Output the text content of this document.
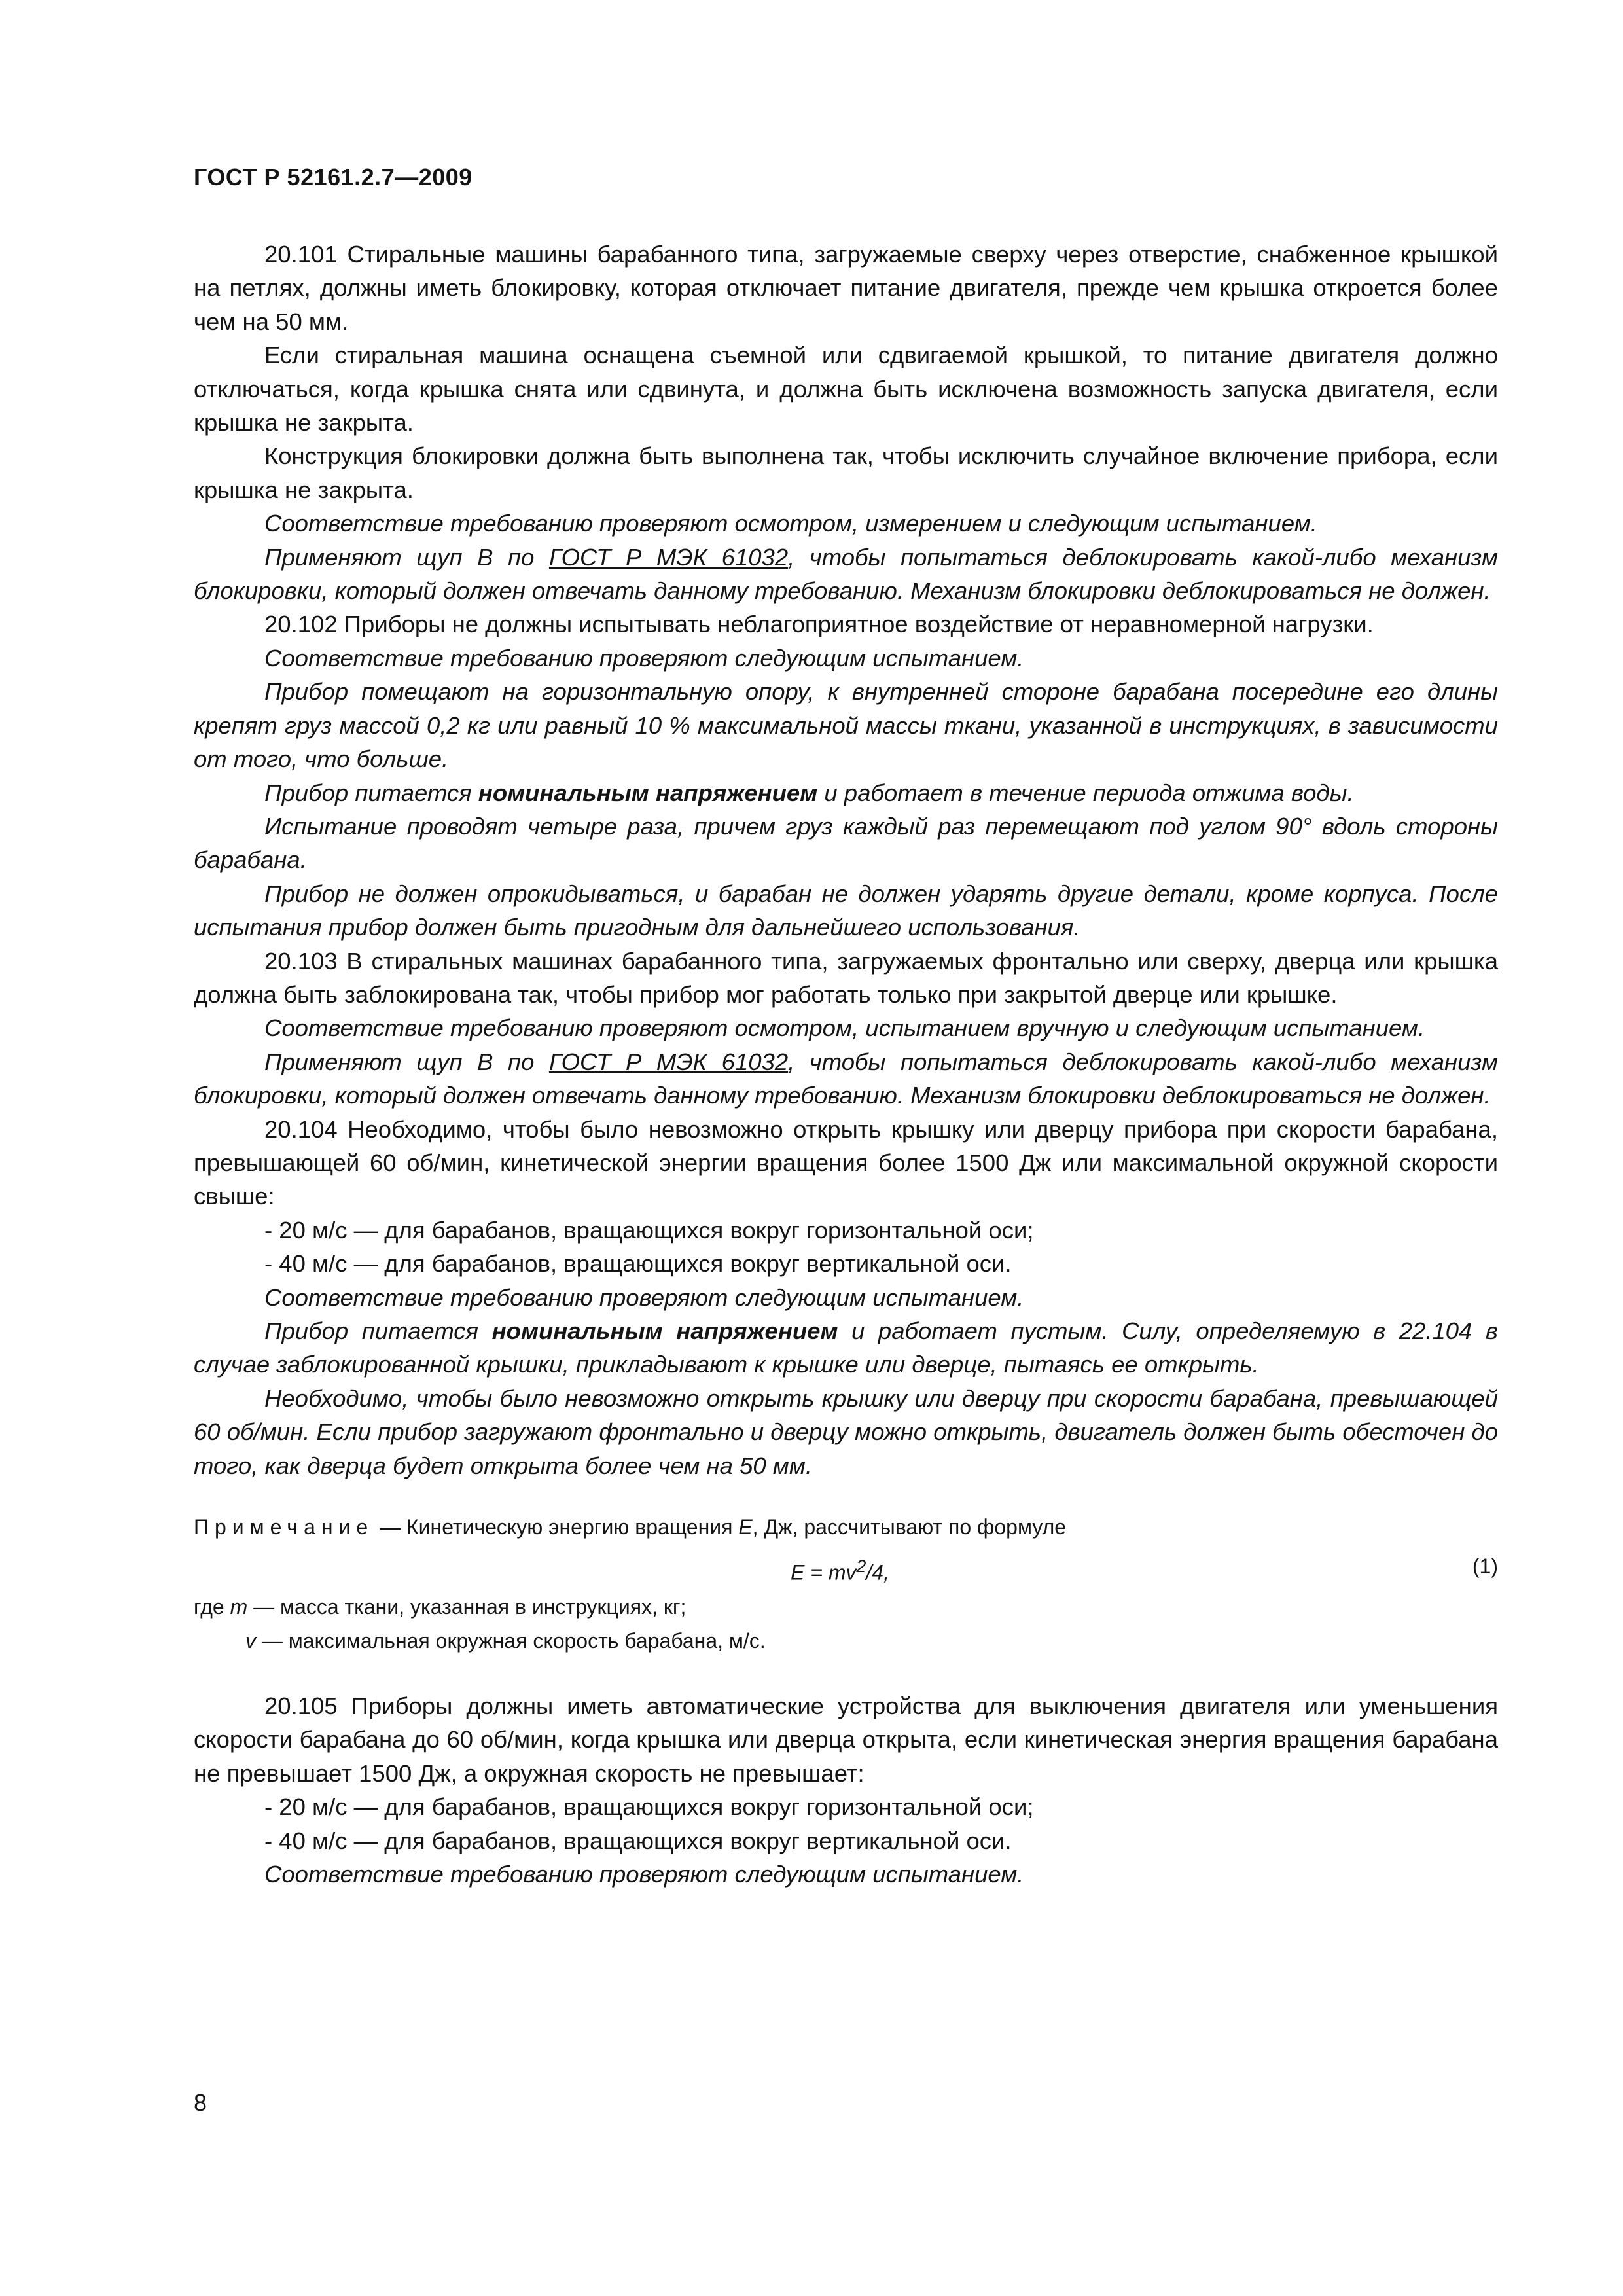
ГОСТ Р 52161.2.7—2009

20.101 Стиральные машины барабанного типа, загружаемые сверху через отверстие, снабженное крышкой на петлях, должны иметь блокировку, которая отключает питание двигателя, прежде чем крышка откроется более чем на 50 мм.

Если стиральная машина оснащена съемной или сдвигаемой крышкой, то питание двигателя должно отключаться, когда крышка снята или сдвинута, и должна быть исключена возможность запуска двигателя, если крышка не закрыта.

Конструкция блокировки должна быть выполнена так, чтобы исключить случайное включение прибора, если крышка не закрыта.

Соответствие требованию проверяют осмотром, измерением и следующим испытанием.

Применяют щуп В по ГОСТ Р МЭК 61032, чтобы попытаться деблокировать какой-либо механизм блокировки, который должен отвечать данному требованию. Механизм блокировки деблокироваться не должен.

20.102 Приборы не должны испытывать неблагоприятное воздействие от неравномерной нагрузки.

Соответствие требованию проверяют следующим испытанием.

Прибор помещают на горизонтальную опору, к внутренней стороне барабана посередине его длины крепят груз массой 0,2 кг или равный 10 % максимальной массы ткани, указанной в инструкциях, в зависимости от того, что больше.

Прибор питается номинальным напряжением и работает в течение периода отжима воды.

Испытание проводят четыре раза, причем груз каждый раз перемещают под углом 90° вдоль стороны барабана.

Прибор не должен опрокидываться, и барабан не должен ударять другие детали, кроме корпуса. После испытания прибор должен быть пригодным для дальнейшего использования.

20.103 В стиральных машинах барабанного типа, загружаемых фронтально или сверху, дверца или крышка должна быть заблокирована так, чтобы прибор мог работать только при закрытой дверце или крышке.

Соответствие требованию проверяют осмотром, испытанием вручную и следующим испытанием.

Применяют щуп В по ГОСТ Р МЭК 61032, чтобы попытаться деблокировать какой-либо механизм блокировки, который должен отвечать данному требованию. Механизм блокировки деблокироваться не должен.

20.104 Необходимо, чтобы было невозможно открыть крышку или дверцу прибора при скорости барабана, превышающей 60 об/мин, кинетической энергии вращения более 1500 Дж или максимальной окружной скорости свыше:

- 20 м/с — для барабанов, вращающихся вокруг горизонтальной оси;

- 40 м/с — для барабанов, вращающихся вокруг вертикальной оси.

Соответствие требованию проверяют следующим испытанием.

Прибор питается номинальным напряжением и работает пустым. Силу, определяемую в 22.104 в случае заблокированной крышки, прикладывают к крышке или дверце, пытаясь ее открыть.

Необходимо, чтобы было невозможно открыть крышку или дверцу при скорости барабана, превышающей 60 об/мин. Если прибор загружают фронтально и дверцу можно открыть, двигатель должен быть обесточен до того, как дверца будет открыта более чем на 50 мм.

Примечание — Кинетическую энергию вращения E, Дж, рассчитывают по формуле

$E = mv^2/4$,	(1)

где m — масса ткани, указанная в инструкциях, кг;

v — максимальная окружная скорость барабана, м/с.

20.105 Приборы должны иметь автоматические устройства для выключения двигателя или уменьшения скорости барабана до 60 об/мин, когда крышка или дверца открыта, если кинетическая энергия вращения барабана не превышает 1500 Дж, а окружная скорость не превышает:

- 20 м/с — для барабанов, вращающихся вокруг горизонтальной оси;

- 40 м/с — для барабанов, вращающихся вокруг вертикальной оси.

Соответствие требованию проверяют следующим испытанием.

8
